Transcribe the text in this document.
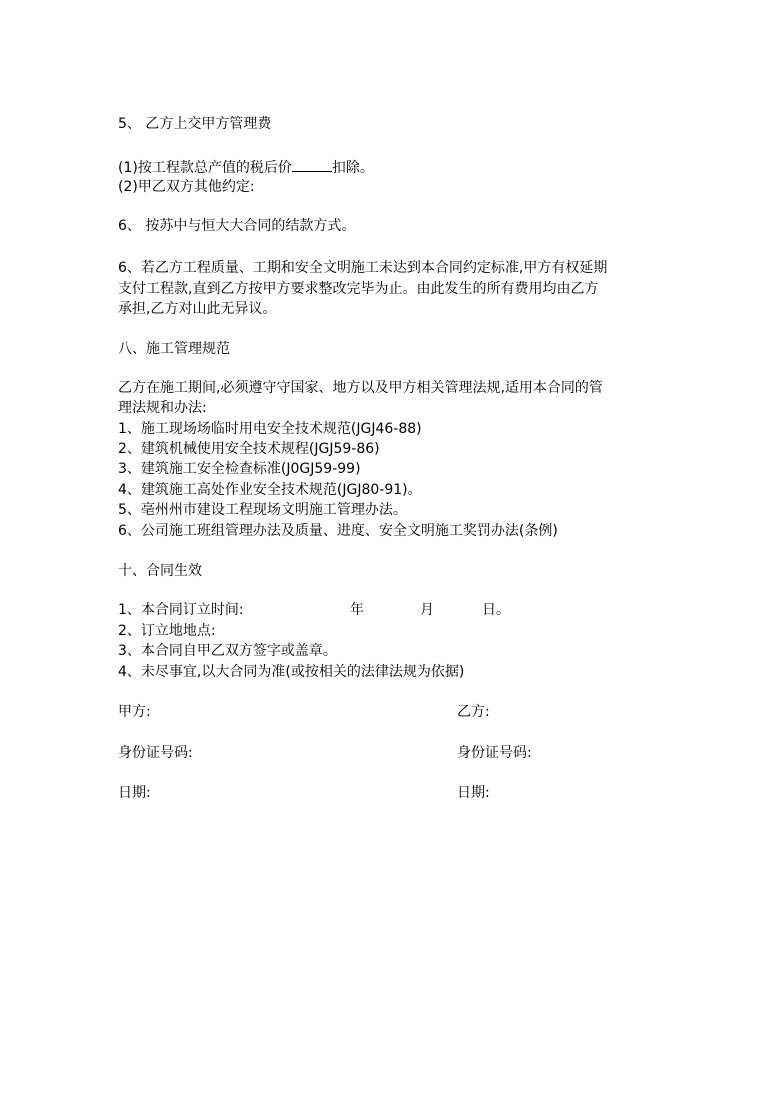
5、 乙方上交甲方管理费
(1)按工程款总产值的税后价	扣除。
(2)甲乙双方其他约定:
6、 按苏中与恒大大合同的结款方式。
6、若乙方工程质量、工期和安全文明施工未达到本合同约定标准,甲方有权延期
支付工程款,直到乙方按甲方要求整改完毕为止。由此发生的所有费用均由乙方
承担,乙方对山此无异议。
八、施工管理规范
乙方在施工期间,必须遵守守国家、地方以及甲方相关管理法规,适用本合同的管
理法规和办法:
1、施工现场场临时用电安全技术规范(JGJ46-88)
2、建筑机械使用安全技术规程(JGJ59-86)
3、建筑施工安全检查标准(J0GJ59-99)
4、建筑施工高处作业安全技术规范(JGJ80-91)。
5、亳州州市建设工程现场文明施工管理办法。
6、公司施工班组管理办法及质量、进度、安全文明施工奖罚办法(条例)
十、合同生效
1、本合同订立时间:	年	月	日。
2、订立地地点:
3、本合同自甲乙双方签字或盖章。
4、未尽事宜,以大合同为准(或按相关的法律法规为依据)
甲方:	乙方:
身份证号码:	身份证号码:
日期:	日期:
